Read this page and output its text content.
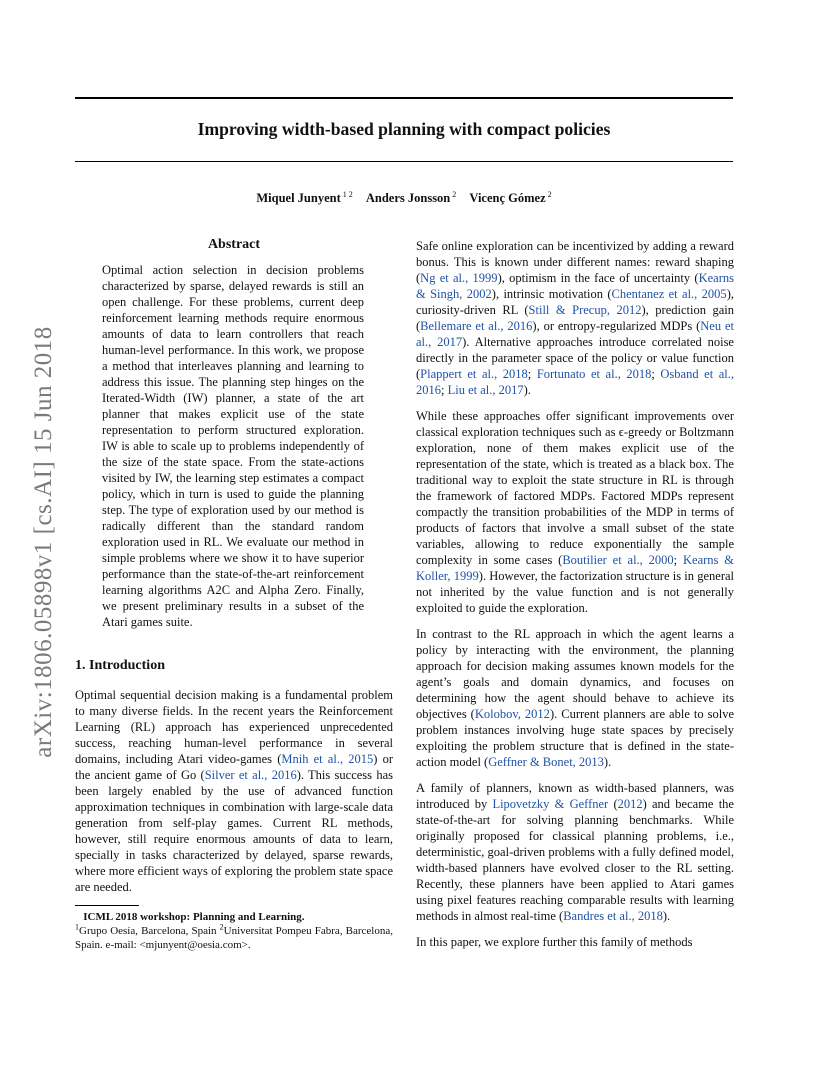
Improving width-based planning with compact policies
Miquel Junyent $^{1 2}$ Anders Jonsson $^2$ Vicenç Gómez $^2$
arXiv:1806.05898v1 [cs.AI] 15 Jun 2018
Abstract

Optimal action selection in decision problems characterized by sparse, delayed rewards is still an open challenge. For these problems, current deep reinforcement learning methods require enormous amounts of data to learn controllers that reach human-level performance. In this work, we propose a method that interleaves planning and learning to address this issue. The planning step hinges on the Iterated-Width (IW) planner, a state of the art planner that makes explicit use of the state representation to perform structured exploration. IW is able to scale up to problems independently of the size of the state space. From the state-actions visited by IW, the learning step estimates a compact policy, which in turn is used to guide the planning step. The type of exploration used by our method is radically different than the standard random exploration used in RL. We evaluate our method in simple problems where we show it to have superior performance than the state-of-the-art reinforcement learning algorithms A2C and Alpha Zero. Finally, we present preliminary results in a subset of the Atari games suite.

1. Introduction

Optimal sequential decision making is a fundamental problem to many diverse fields. In the recent years the Reinforcement Learning (RL) approach has experienced unprecedented success, reaching human-level performance in several domains, including Atari video-games (Mnih et al., 2015) or the ancient game of Go (Silver et al., 2016). This success has been largely enabled by the use of advanced function approximation techniques in combination with large-scale data generation from self-play games. Current RL methods, however, still require enormous amounts of data to learn, specially in tasks characterized by delayed, sparse rewards, where more efficient ways of exploring the problem state space are needed.

ICML 2018 workshop: Planning and Learning.
$^1$Grupo Oesía, Barcelona, Spain $^2$Universitat Pompeu Fabra, Barcelona, Spain. e-mail: <mjunyent@oesia.com>.

Safe online exploration can be incentivized by adding a reward bonus. This is known under different names: reward shaping (Ng et al., 1999), optimism in the face of uncertainty (Kearns & Singh, 2002), intrinsic motivation (Chentanez et al., 2005), curiosity-driven RL (Still & Precup, 2012), prediction gain (Bellemare et al., 2016), or entropy-regularized MDPs (Neu et al., 2017). Alternative approaches introduce correlated noise directly in the parameter space of the policy or value function (Plappert et al., 2018; Fortunato et al., 2018; Osband et al., 2016; Liu et al., 2017).

While these approaches offer significant improvements over classical exploration techniques such as ϵ-greedy or Boltzmann exploration, none of them makes explicit use of the representation of the state, which is treated as a black box. The traditional way to exploit the state structure in RL is through the framework of factored MDPs. Factored MDPs represent compactly the transition probabilities of the MDP in terms of products of factors that involve a small subset of the state variables, allowing to reduce exponentially the sample complexity in some cases (Boutilier et al., 2000; Kearns & Koller, 1999). However, the factorization structure is in general not inherited by the value function and is not generally exploited to guide the exploration.

In contrast to the RL approach in which the agent learns a policy by interacting with the environment, the planning approach for decision making assumes known models for the agent’s goals and domain dynamics, and focuses on determining how the agent should behave to achieve its objectives (Kolobov, 2012). Current planners are able to solve problem instances involving huge state spaces by precisely exploiting the problem structure that is defined in the state-action model (Geffner & Bonet, 2013).

A family of planners, known as width-based planners, was introduced by Lipovetzky & Geffner (2012) and became the state-of-the-art for solving planning benchmarks. While originally proposed for classical planning problems, i.e., deterministic, goal-driven problems with a fully defined model, width-based planners have evolved closer to the RL setting. Recently, these planners have been applied to Atari games using pixel features reaching comparable results with learning methods in almost real-time (Bandres et al., 2018).

In this paper, we explore further this family of methods
